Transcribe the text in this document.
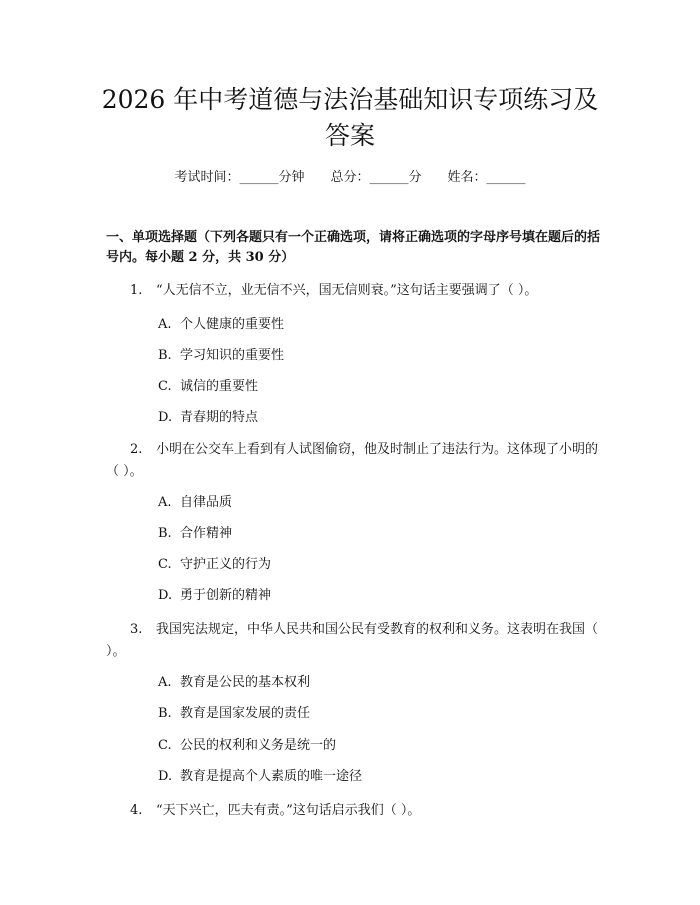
2026 年中考道德与法治基础知识专项练习及答案
考试时间：______分钟 总分：______分 姓名：______

一、单项选择题（下列各题只有一个正确选项，请将正确选项的字母序号填在题后的括号内。每小题 2 分，共 30 分）

1. “人无信不立，业无信不兴，国无信则衰。”这句话主要强调了（ ）。

A. 个人健康的重要性
B. 学习知识的重要性
C. 诚信的重要性
D. 青春期的特点

2. 小明在公交车上看到有人试图偷窃，他及时制止了违法行为。这体现了小明的（ ）。

A. 自律品质
B. 合作精神
C. 守护正义的行为
D. 勇于创新的精神

3. 我国宪法规定，中华人民共和国公民有受教育的权利和义务。这表明在我国（ ）。

A. 教育是公民的基本权利
B. 教育是国家发展的责任
C. 公民的权利和义务是统一的
D. 教育是提高个人素质的唯一途径

4. “天下兴亡，匹夫有责。”这句话启示我们（ ）。
